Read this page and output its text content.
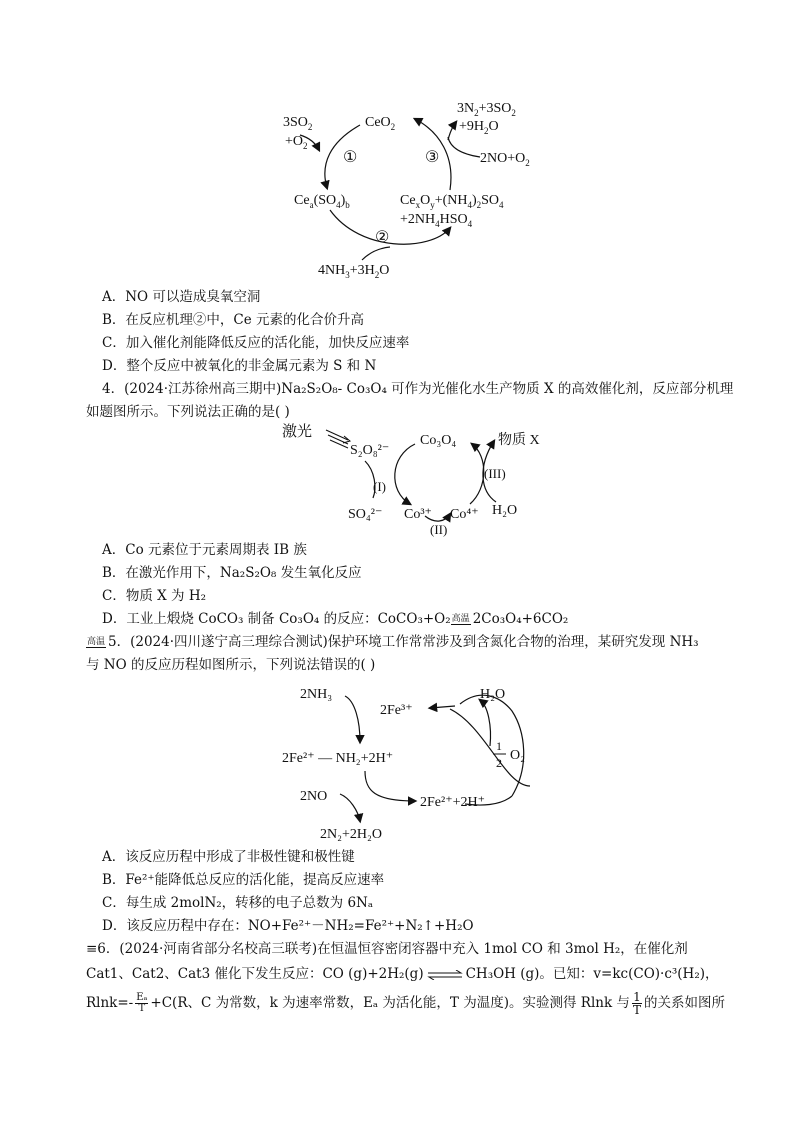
CeO$_2$
$3SO_2$
$+O_2$
①
$Ce_a(SO_4)_b$
$3N_2+3SO_2$
$+9H_2O$
③	$2NO+O_2$
$Ce_xO_y+(NH_4)_2SO_4$
$+2NH_4HSO_4$
②
$4NH_3+3H_2O$
A．NO 可以造成臭氧空洞
B．在反应机理②中，Ce 元素的化合价升高
C．加入催化剂能降低反应的活化能，加快反应速率
D．整个反应中被氧化的非金属元素为 S 和 N
4．(2024·江苏徐州高三期中)Na₂S₂O₈- Co₃O₄ 可作为光催化水生产物质 X 的高效催化剂，反应部分机理
如题图所示。下列说法正确的是( )
激光
S₂O₈²⁻
Co₃O₄	物质 X
(I)
(II)
(III)
SO₄²⁻ Co³⁺ Co⁴⁺ H₂O
A．Co 元素位于元素周期表 IB 族
B．在激光作用下，Na₂S₂O₈ 发生氧化反应
C．物质 X 为 H₂
D．工业上煅烧 CoCO₃ 制备 Co₃O₄ 的反应：CoCO₃+O₂高温 2Co₃O₄+6CO₂
高温 5．(2024·四川遂宁高三理综合测试)保护环境工作常常涉及到含氮化合物的治理，某研究发现 NH₃
与 NO 的反应历程如图所示，下列说法错误的( )
2NH₃
2Fe³⁺
H₂O
2Fe²⁺ — NH₂+2H⁺
1
2 O₂
2NO	2Fe²⁺+2H⁺
2N₂+2H₂O
A．该反应历程中形成了非极性键和极性键
B．Fe²⁺能降低总反应的活化能，提高反应速率
C．每生成 2molN₂，转移的电子总数为 6Nₐ
D．该反应历程中存在：NO+Fe²⁺－NH₂=Fe²⁺+N₂↑+H₂O
≡6．(2024·河南省部分名校高三联考)在恒温恒容密闭容器中充入 1mol CO 和 3mol H₂，在催化剂
Cat1、Cat2、Cat3 催化下发生反应：CO (g)+2H₂(g) ⇌ CH₃OH (g)。已知：v=kc(CO)·c³(H₂)，
$Rlnk=- \frac{\text{Eₐ}}{T} +C(R$、C 为常数，k 为速率常数，Eₐ 为活化能，T 为温度)。实验测得 Rlnk 与 $\frac{1}{T}$ 的关系如图所
